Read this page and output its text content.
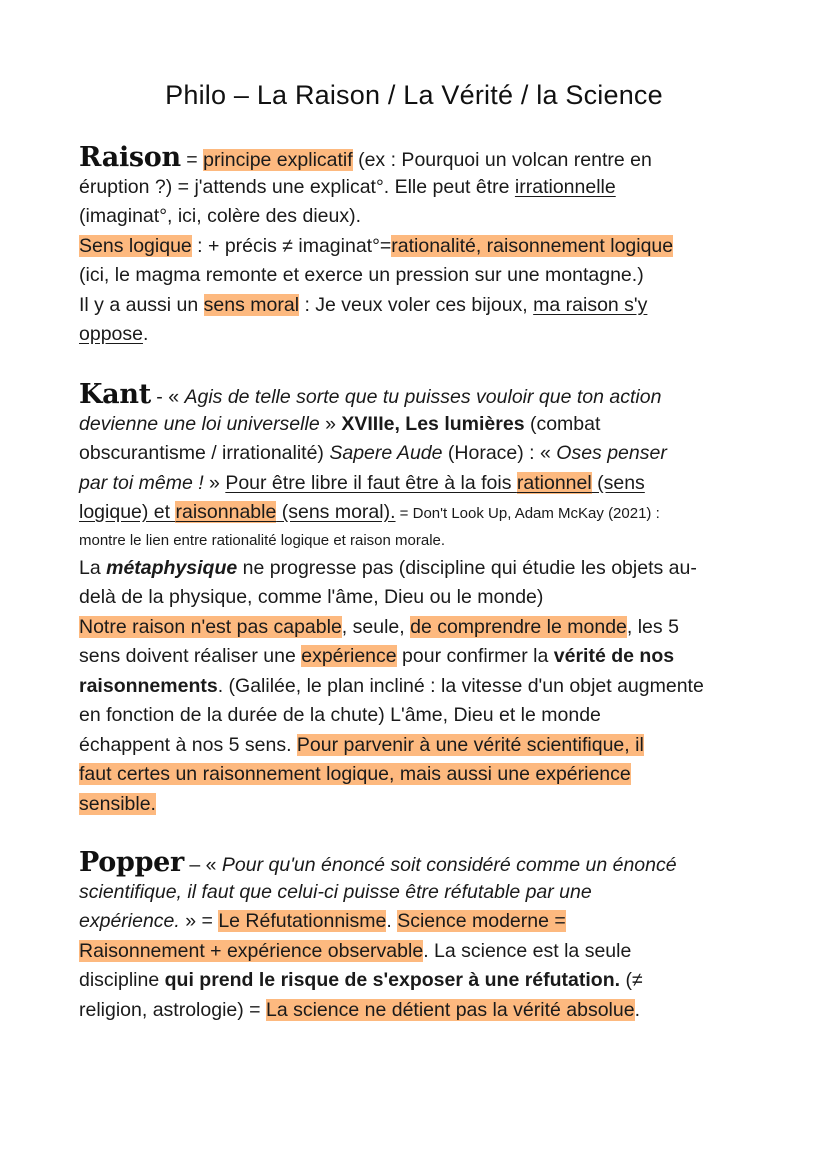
Philo – La Raison / La Vérité / la Science
Raison = principe explicatif (ex : Pourquoi un volcan rentre en
éruption ?) = j'attends une explicat°. Elle peut être irrationnelle
(imaginat°, ici, colère des dieux).
Sens logique : + précis ≠ imaginat°=rationalité, raisonnement logique
(ici, le magma remonte et exerce un pression sur une montagne.)
Il y a aussi un sens moral : Je veux voler ces bijoux, ma raison s'y
oppose.
Kant - « Agis de telle sorte que tu puisses vouloir que ton action
devienne une loi universelle » XVIIIe, Les lumières (combat
obscurantisme / irrationalité) Sapere Aude (Horace) : « Oses penser
par toi même ! » Pour être libre il faut être à la fois rationnel (sens
logique) et raisonnable (sens moral). = Don't Look Up, Adam McKay (2021) :
montre le lien entre rationalité logique et raison morale.
La métaphysique ne progresse pas (discipline qui étudie les objets au-
delà de la physique, comme l'âme, Dieu ou le monde)
Notre raison n'est pas capable, seule, de comprendre le monde, les 5
sens doivent réaliser une expérience pour confirmer la vérité de nos
raisonnements. (Galilée, le plan incliné : la vitesse d'un objet augmente
en fonction de la durée de la chute) L'âme, Dieu et le monde
échappent à nos 5 sens. Pour parvenir à une vérité scientifique, il
faut certes un raisonnement logique, mais aussi une expérience
sensible.
Popper – « Pour qu'un énoncé soit considéré comme un énoncé
scientifique, il faut que celui-ci puisse être réfutable par une
expérience. » = Le Réfutationnisme. Science moderne =
Raisonnement + expérience observable. La science est la seule
discipline qui prend le risque de s'exposer à une réfutation. (≠
religion, astrologie) = La science ne détient pas la vérité absolue.
